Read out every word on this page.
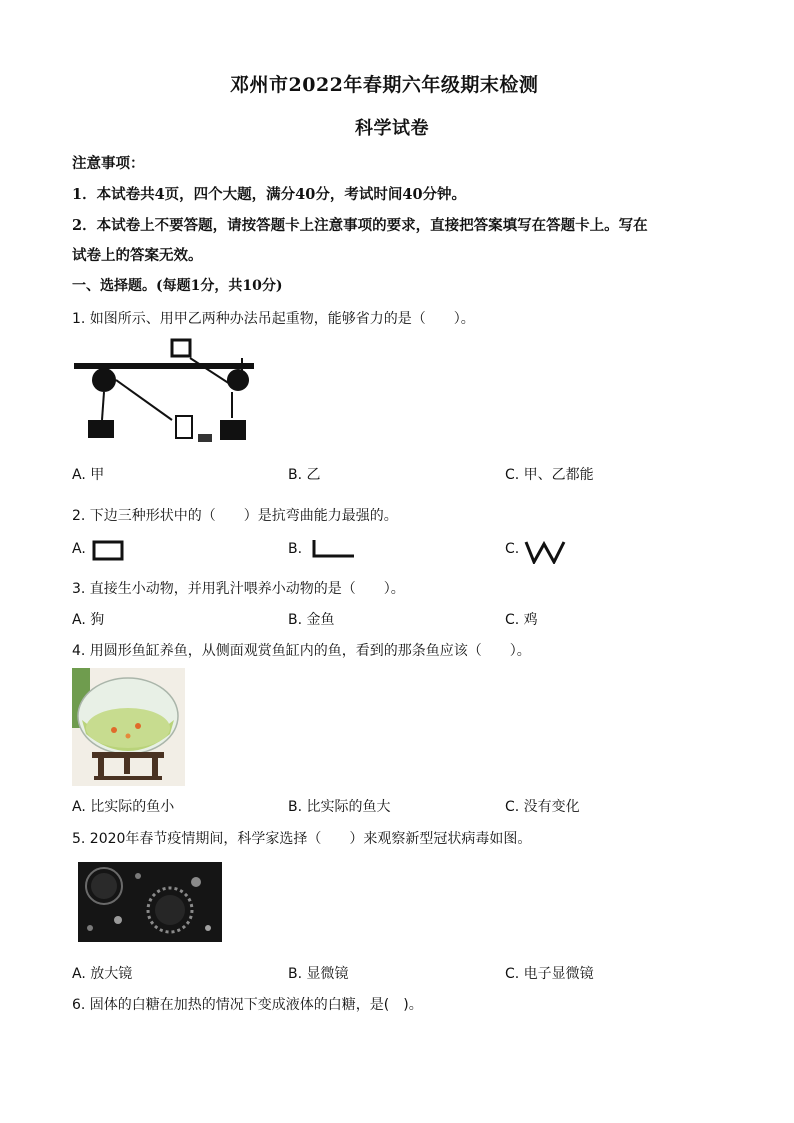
邓州市2022年春期六年级期末检测
科学试卷
注意事项：
1．本试卷共4页，四个大题，满分40分，考试时间40分钟。
2．本试卷上不要答题，请按答题卡上注意事项的要求，直接把答案填写在答题卡上。写在
试卷上的答案无效。
一、选择题。(每题1分，共10分)
1. 如图所示、用甲乙两种办法吊起重物，能够省力的是（　　）。
A. 甲	B. 乙	C. 甲、乙都能
2. 下边三种形状中的（　　）是抗弯曲能力最强的。
A.	B.	C.
3. 直接生小动物，并用乳汁喂养小动物的是（　　）。
A. 狗	B. 金鱼	C. 鸡
4. 用圆形鱼缸养鱼，从侧面观赏鱼缸内的鱼，看到的那条鱼应该（　　）。
A. 比实际的鱼小	B. 比实际的鱼大	C. 没有变化
5. 2020年春节疫情期间，科学家选择（　　）来观察新型冠状病毒如图。
A. 放大镜	B. 显微镜	C. 电子显微镜
6. 固体的白糖在加热的情况下变成液体的白糖，是(　)。
